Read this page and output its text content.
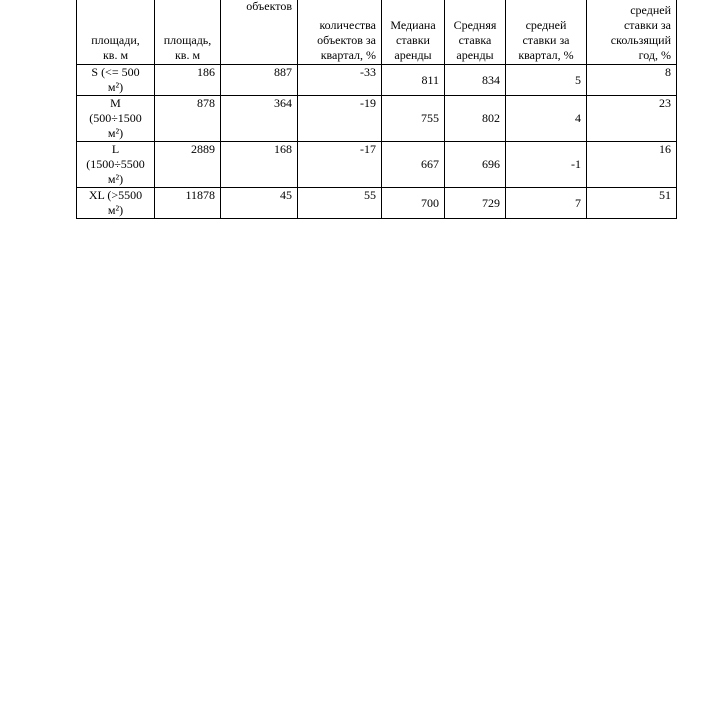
площади,
кв. м	площадь,
кв. м	объектов	количества
объектов за
квартал, %	Медиана
ставки
аренды	Средняя
ставка
аренды	средней
ставки за
квартал, %	средней
ставки за
скользящий
год, %
S (<= 500
м²)	186	887	-33	811	834	5	8
M
(500÷1500
м²)	878	364	-19	755	802	4	23
L
(1500÷5500
м²)	2889	168	-17	667	696	-1	16
XL (>5500
м²)	11878	45	55	700	729	7	51
